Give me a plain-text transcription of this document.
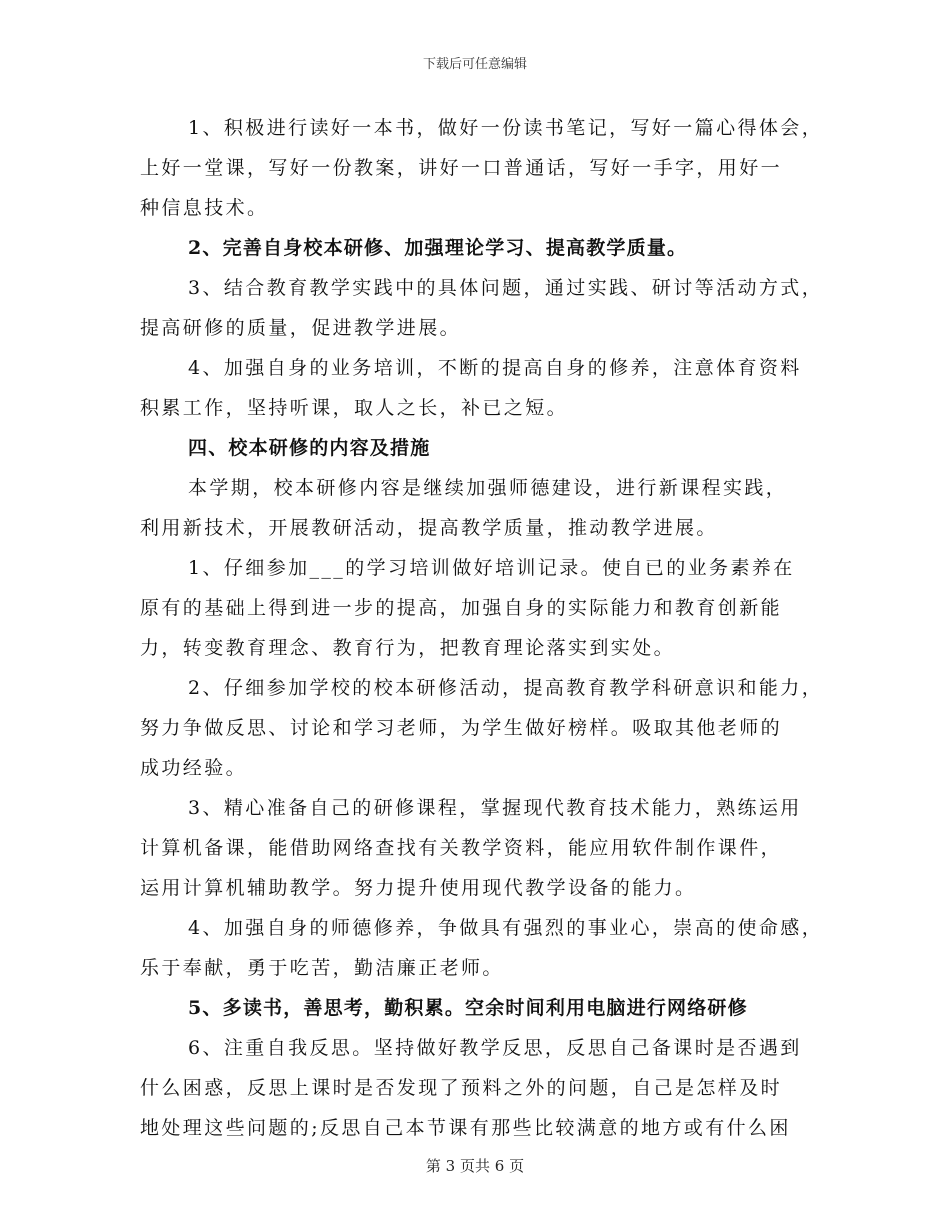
下载后可任意编辑
1、积极进行读好一本书，做好一份读书笔记，写好一篇心得体会，
上好一堂课，写好一份教案，讲好一口普通话，写好一手字，用好一
种信息技术。
2、完善自身校本研修、加强理论学习、提高教学质量。
3、结合教育教学实践中的具体问题，通过实践、研讨等活动方式，
提高研修的质量，促进教学进展。
4、加强自身的业务培训，不断的提高自身的修养，注意体育资料
积累工作，坚持听课，取人之长，补已之短。
四、校本研修的内容及措施
本学期，校本研修内容是继续加强师德建设，进行新课程实践，
利用新技术，开展教研活动，提高教学质量，推动教学进展。
1、仔细参加___的学习培训做好培训记录。使自已的业务素养在
原有的基础上得到进一步的提高，加强自身的实际能力和教育创新能
力，转变教育理念、教育行为，把教育理论落实到实处。
2、仔细参加学校的校本研修活动，提高教育教学科研意识和能力，
努力争做反思、讨论和学习老师，为学生做好榜样。吸取其他老师的
成功经验。
3、精心准备自己的研修课程，掌握现代教育技术能力，熟练运用
计算机备课，能借助网络查找有关教学资料，能应用软件制作课件，
运用计算机辅助教学。努力提升使用现代教学设备的能力。
4、加强自身的师德修养，争做具有强烈的事业心，崇高的使命感，
乐于奉献，勇于吃苦，勤洁廉正老师。
5、多读书，善思考，勤积累。空余时间利用电脑进行网络研修
6、注重自我反思。坚持做好教学反思，反思自己备课时是否遇到
什么困惑，反思上课时是否发现了预料之外的问题，自己是怎样及时
地处理这些问题的;反思自己本节课有那些比较满意的地方或有什么困
第 3 页共 6 页
